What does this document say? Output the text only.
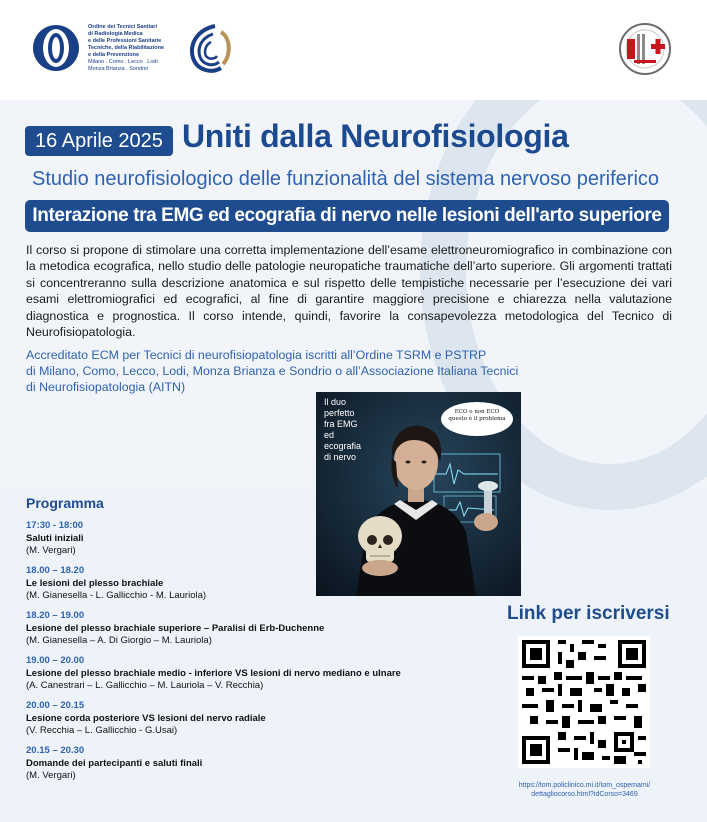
Ordine dei Tecnici Sanitari
di Radiologia Medica
e delle Professioni Sanitarie
Tecniche, della Riabilitazione
e della Prevenzione
Milano . Como . Lecco . Lodi
Monza Brianza . Sondrio
16 Aprile 2025 Uniti dalla Neurofisiologia
Studio neurofisiologico delle funzionalità del sistema nervoso periferico
Interazione tra EMG ed ecografia di nervo nelle lesioni dell'arto superiore
Il corso si propone di stimolare una corretta implementazione dell’esame elettroneuromiografico in combinazione con la metodica ecografica, nello studio delle patologie neuropatiche traumatiche dell’arto superiore. Gli argomenti trattati si concentreranno sulla descrizione anatomica e sul rispetto delle tempistiche necessarie per l’esecuzione dei vari esami elettromiografici ed ecografici, al fine di garantire maggiore precisione e chiarezza nella valutazione diagnostica e prognostica. Il corso intende, quindi, favorire la consapevolezza metodologica del Tecnico di Neurofisiopatologia.
Accreditato ECM per Tecnici di neurofisiopatologia iscritti all’Ordine TSRM e PSTRP
di Milano, Como, Lecco, Lodi, Monza Brianza e Sondrio o all’Associazione Italiana Tecnici
di Neurofisiopatologia (AITN)
Il duo
perfetto
fra EMG
ed
ecografia
di nervo
ECO o non ECO
questo è il problema
Programma
17:30 - 18:00
Saluti iniziali
(M. Vergari)
18.00 – 18.20
Le lesioni del plesso brachiale
(M. Gianesella - L. Gallicchio - M. Lauriola)
18.20 – 19.00
Lesione del plesso brachiale superiore – Paralisi di Erb-Duchenne
(M. Gianesella – A. Di Giorgio – M. Lauriola)
19.00 – 20.00
Lesione del plesso brachiale medio - inferiore VS lesioni di nervo mediano e ulnare
(A. Canestrari – L. Gallicchio – M. Lauriola – V. Recchia)
20.00 – 20.15
Lesione corda posteriore VS lesioni del nervo radiale
(V. Recchia – L. Gallicchio - G.Usai)
20.15 – 20.30
Domande dei partecipanti e saluti finali
(M. Vergari)
Link per iscriversi
https://tom.policlinico.mi.it/tom_ospemami/
dettagliocorso.html?idCorso=3469
